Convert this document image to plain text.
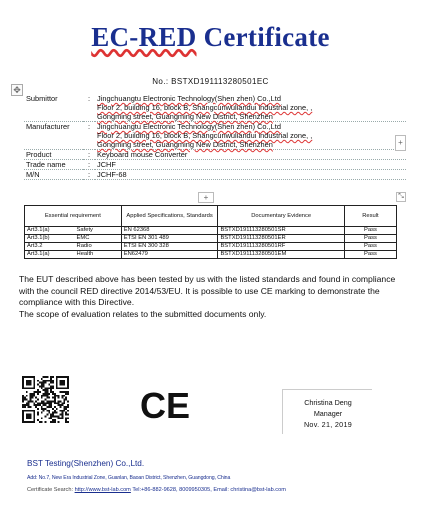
EC-RED Certificate
No.: BSTXD191113280501EC
✥
Submittor	:	Jingchuangtu Electronic Technology(Shen zhen) Co.,Ltd
Floor 2, building 16, block B, Shangcunwuliandui industrial zone, ,
Gongming street, Guangming New District, Shenzhen

Manufacturer	:	Jingchuangtu Electronic Technology(Shen zhen) Co.,Ltd
Floor 2, building 16, block B, Shangcunwuliandui industrial zone, ,
Gongming street, Guangming New District, Shenzhen

Product	:	Keyboard mouse Converter

Trade name	:	JCHF

M/N	:	JCHF-68
+
+	⤡
Essential requirement	Applied Specifications, Standards	Documentary Evidence	Result
Art3.1(a) Safety	EN 62368	BSTXD191113280501SR	Pass
Art3.1(b) EMC	ETSI EN 301 489	BSTXD191113280501ER	Pass
Art3.2 Radio	ETSI EN 300 328	BSTXD191113280501RF	Pass
Art3.1(a) Health	EN62479	BSTXD191113280501EM	Pass

The EUT described above has been tested by us with the listed standards and found in compliance with the council RED directive 2014/53/EU. It is possible to use CE marking to demonstrate the compliance with this Directive.

The scope of evaluation relates to the submitted documents only.

CE	Christina Deng
Manager
Nov. 21, 2019
BST Testing(Shenzhen) Co.,Ltd.
Add: No.7, New Era Industrial Zone, Guanlan, Baoan District, Shenzhen, Guangdong, China
Certificate Search: http://www.bst-lab.com Tel:+86-882-9628, 8009950305, Email: christina@bst-lab.com
